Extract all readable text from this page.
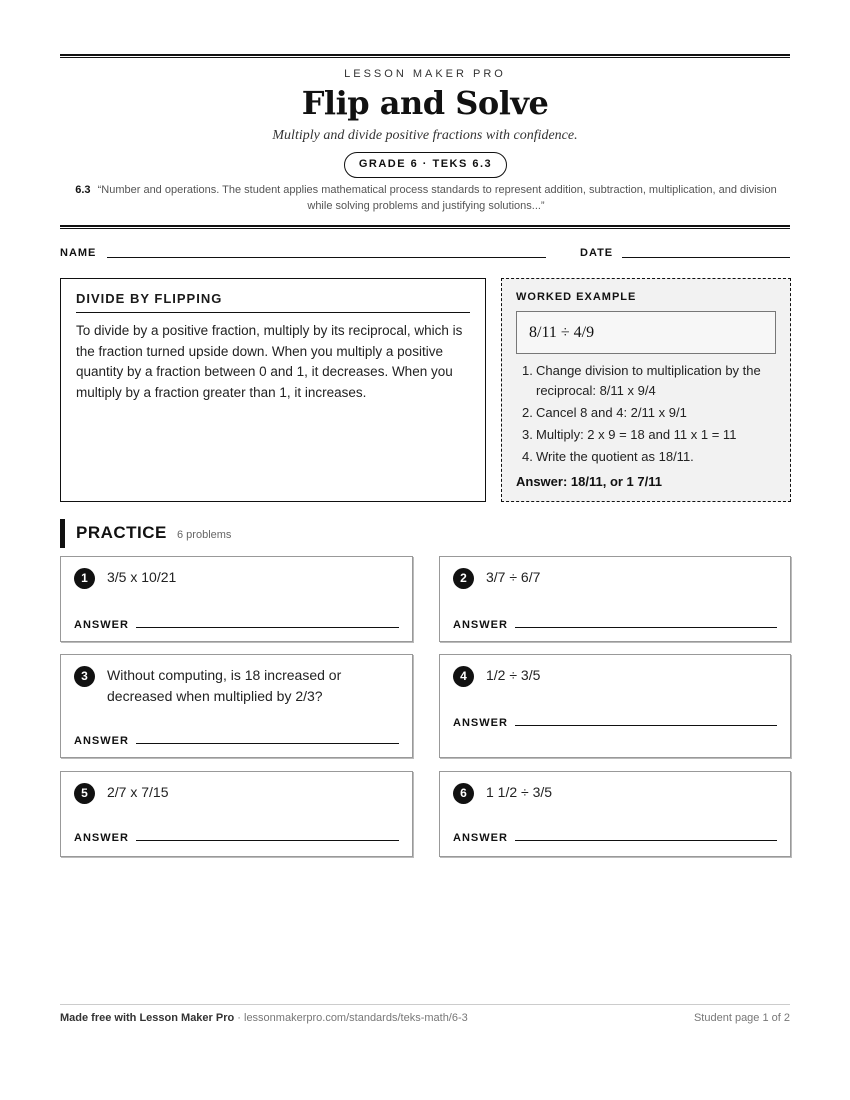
LESSON MAKER PRO
Flip and Solve
Multiply and divide positive fractions with confidence.
GRADE 6 · TEKS 6.3
6.3 “Number and operations. The student applies mathematical process standards to represent addition, subtraction, multiplication, and division while solving problems and justifying solutions...”
NAME	DATE
DIVIDE BY FLIPPING
To divide by a positive fraction, multiply by its reciprocal, which is the fraction turned upside down. When you multiply a positive quantity by a fraction between 0 and 1, it decreases. When you multiply by a fraction greater than 1, it increases.
WORKED EXAMPLE
8/11 ÷ 4/9
1. Change division to multiplication by the reciprocal: 8/11 x 9/4
2. Cancel 8 and 4: 2/11 x 9/1
3. Multiply: 2 x 9 = 18 and 11 x 1 = 11
4. Write the quotient as 18/11.
Answer: 18/11, or 1 7/11
PRACTICE 6 problems
1	3/5 x 10/21
ANSWER
2	3/7 ÷ 6/7
ANSWER
3	Without computing, is 18 increased or decreased when multiplied by 2/3?
ANSWER
4	1/2 ÷ 3/5
ANSWER
5	2/7 x 7/15
ANSWER
6	1 1/2 ÷ 3/5
ANSWER
Made free with Lesson Maker Pro · lessonmakerpro.com/standards/teks-math/6-3	Student page 1 of 2
